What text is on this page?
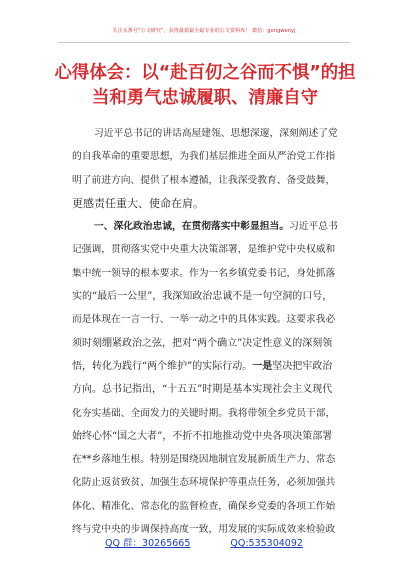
关注头条号“公文研究”，获得最新最全最专业的公文资料库！ 微信：gongwenyj
心得体会：以“赴百仞之谷而不惧”的担
当和勇气忠诚履职、清廉自守
习近平总书记的讲话高屋建瓴、思想深邃，深刻阐述了党
的自我革命的重要思想，为我们基层推进全面从严治党工作指
明了前进方向、提供了根本遵循，让我深受教育、备受鼓舞，
更感责任重大、使命在肩。
一、深化政治忠诚，在贯彻落实中彰显担当。习近平总书
记强调，贯彻落实党中央重大决策部署，是维护党中央权威和
集中统一领导的根本要求。作为一名乡镇党委书记，身处抓落
实的“最后一公里”，我深知政治忠诚不是一句空洞的口号，
而是体现在一言一行、一举一动之中的具体实践。这要求我必
须时刻绷紧政治之弦，把对“两个确立”决定性意义的深刻领
悟，转化为践行“两个维护”的实际行动。一是坚决把牢政治
方向。总书记指出，“十五五”时期是基本实现社会主义现代
化夯实基础、全面发力的关键时期。我将带领全乡党员干部，
始终心怀“国之大者”，不折不扣地推动党中央各项决策部署
在**乡落地生根。特别是围绕因地制宜发展新质生产力、常态
化防止返贫致贫、加强生态环境保护等重点任务，必须加强共
体化、精准化、常态化的监督检查，确保乡党委的各项工作始
终与党中央的步调保持高度一致，用发展的实际成效来检验政
QQ 群：30265665	QQ:535304092
